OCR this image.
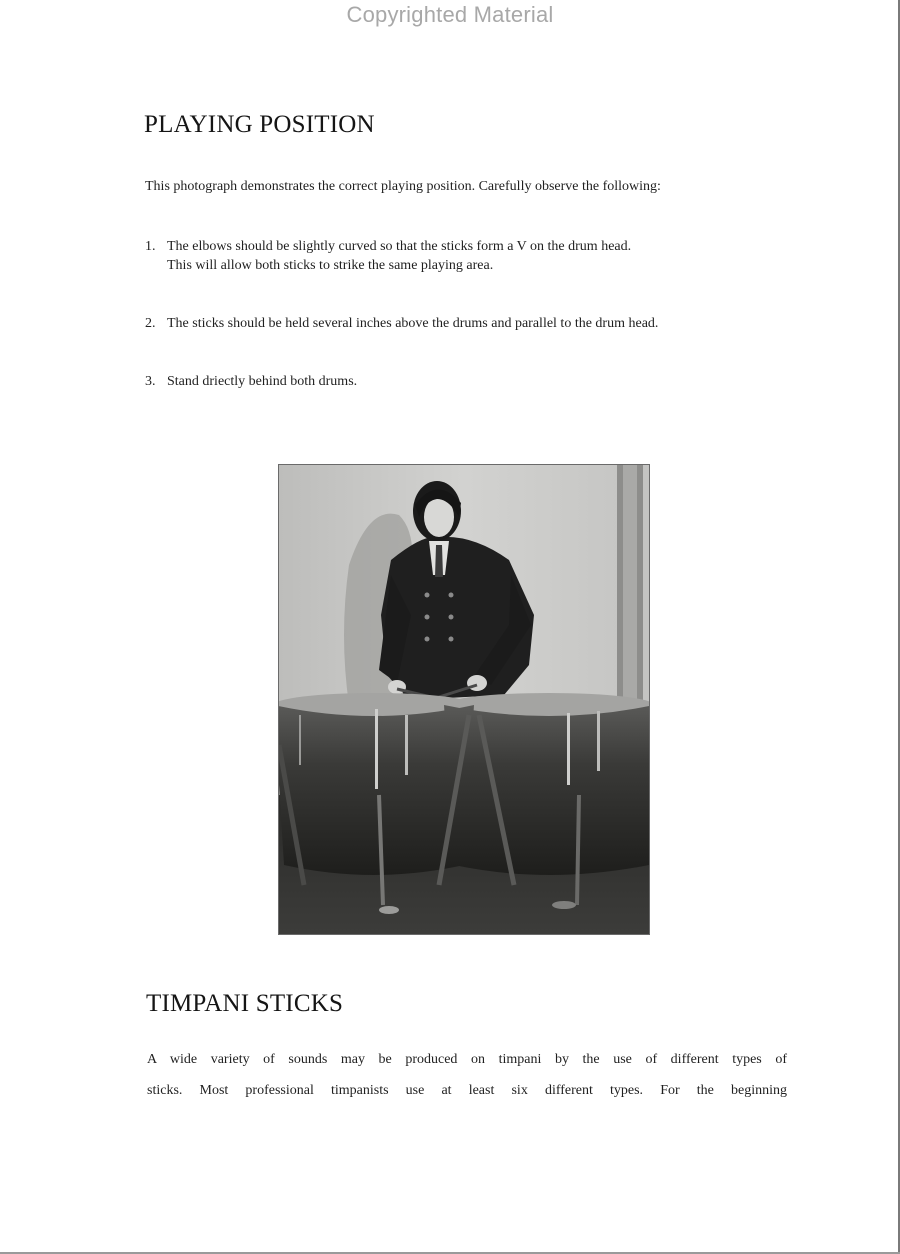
Copyrighted Material
PLAYING POSITION

This photograph demonstrates the correct playing position. Carefully observe the following:

1. The elbows should be slightly curved so that the sticks form a V on the drum head.
This will allow both sticks to strike the same playing area.
2. The sticks should be held several inches above the drums and parallel to the drum head.
3. Stand driectly behind both drums.
TIMPANI STICKS
A wide variety of sounds may be produced on timpani by the use of different types of
sticks. Most professional timpanists use at least six different types. For the beginning
